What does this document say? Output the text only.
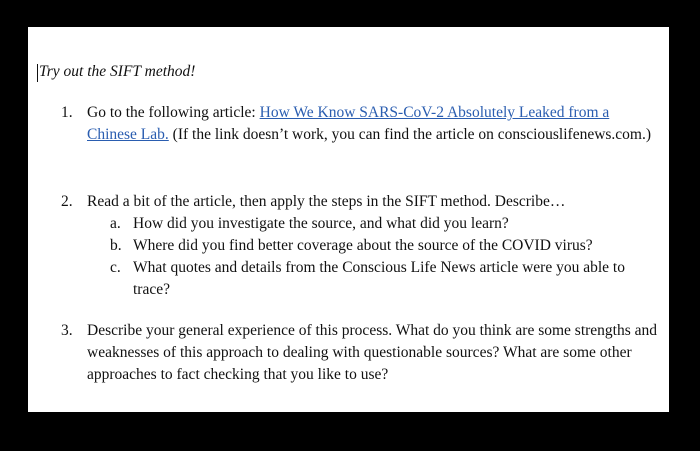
Try out the SIFT method!
1. Go to the following article: How We Know SARS-CoV-2 Absolutely Leaked from a Chinese Lab. (If the link doesn’t work, you can find the article on consciouslifenews.com.)
2. Read a bit of the article, then apply the steps in the SIFT method. Describe…
a. How did you investigate the source, and what did you learn?
b. Where did you find better coverage about the source of the COVID virus?
c. What quotes and details from the Conscious Life News article were you able to trace?
3. Describe your general experience of this process. What do you think are some strengths and weaknesses of this approach to dealing with questionable sources? What are some other approaches to fact checking that you like to use?
